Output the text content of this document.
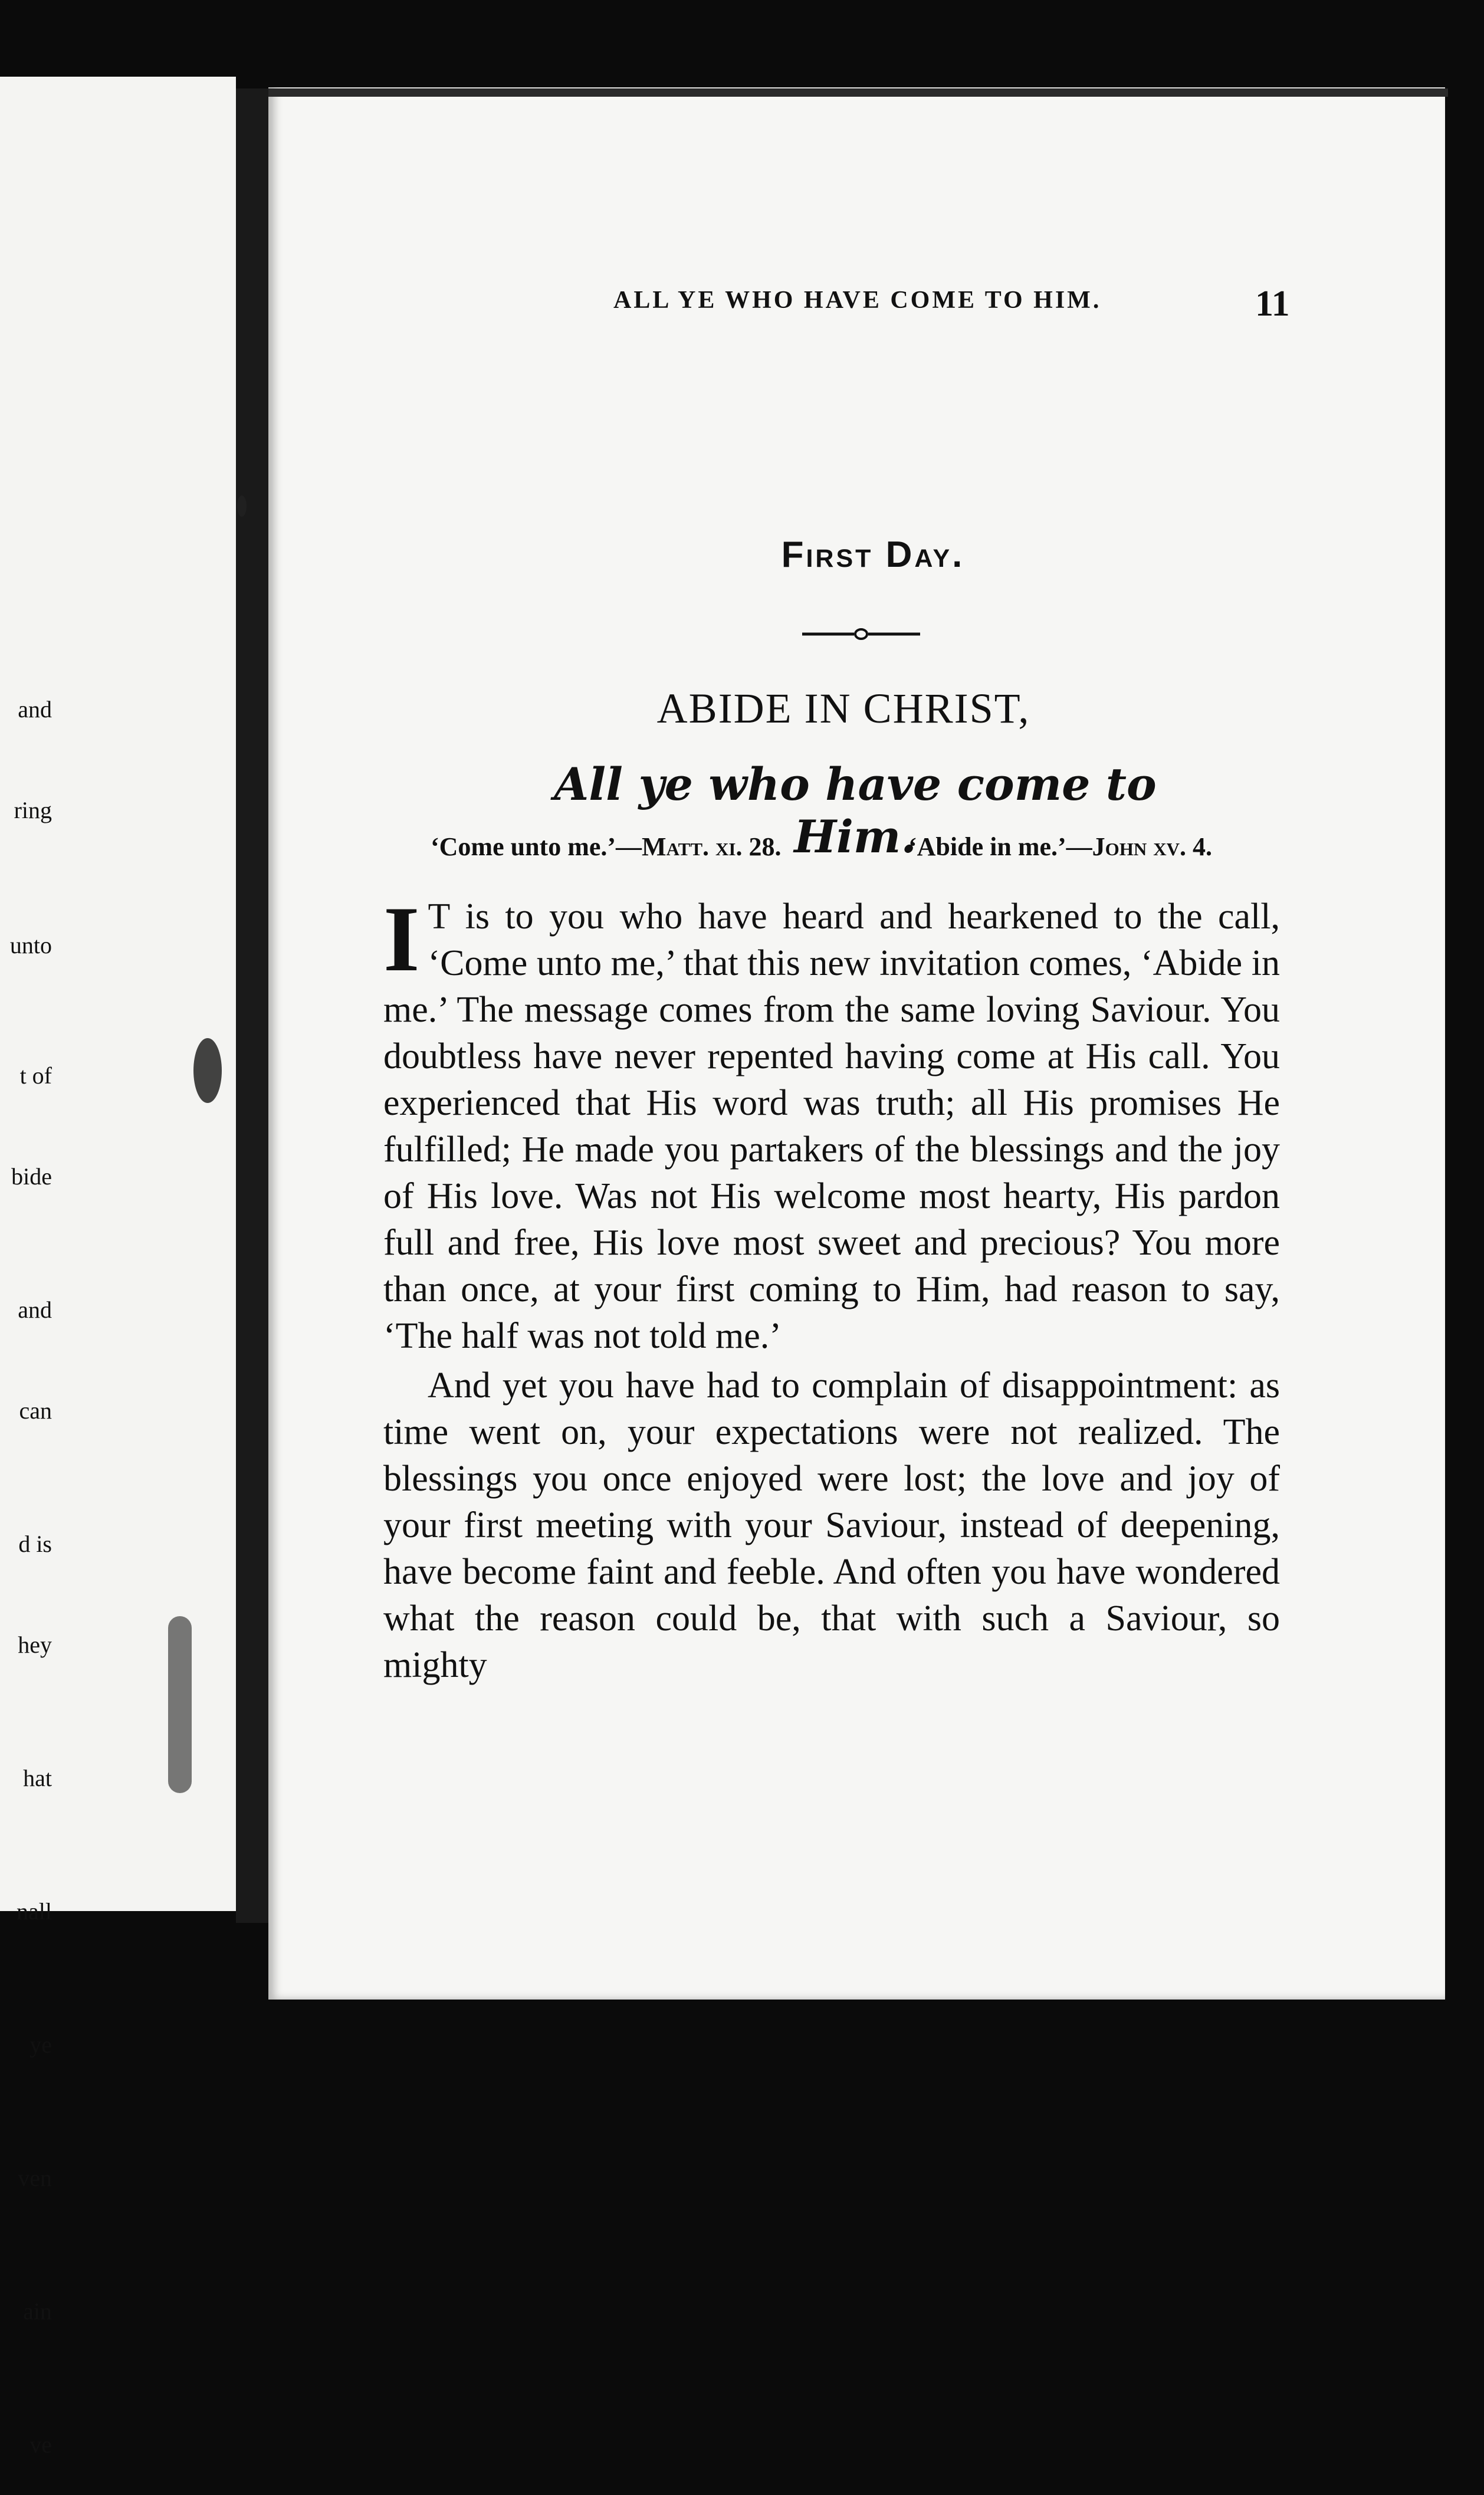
and

ring

unto

t of

bide

and

can

d is

hey

hat

nall

ye

ven

ain

ve

ALL YE WHO HAVE COME TO HIM.	11
First Day.
ABIDE IN CHRIST,
All ye who have come to Him.
‘Come unto me.’—Matt. xi. 28.	‘Abide in me.’—John xv. 4.

I T is to you who have heard and hearkened to the call, ‘Come unto me,’ that this new invitation comes, ‘Abide in me.’ The message comes from the same loving Saviour. You doubtless have never repented having come at His call. You experienced that His word was truth; all His promises He fulfilled; He made you partakers of the blessings and the joy of His love. Was not His welcome most hearty, His pardon full and free, His love most sweet and precious? You more than once, at your first coming to Him, had reason to say, ‘The half was not told me.’

And yet you have had to complain of disappointment: as time went on, your expectations were not realized. The blessings you once enjoyed were lost; the love and joy of your first meeting with your Saviour, instead of deepening, have become faint and feeble. And often you have wondered what the reason could be, that with such a Saviour, so mighty
